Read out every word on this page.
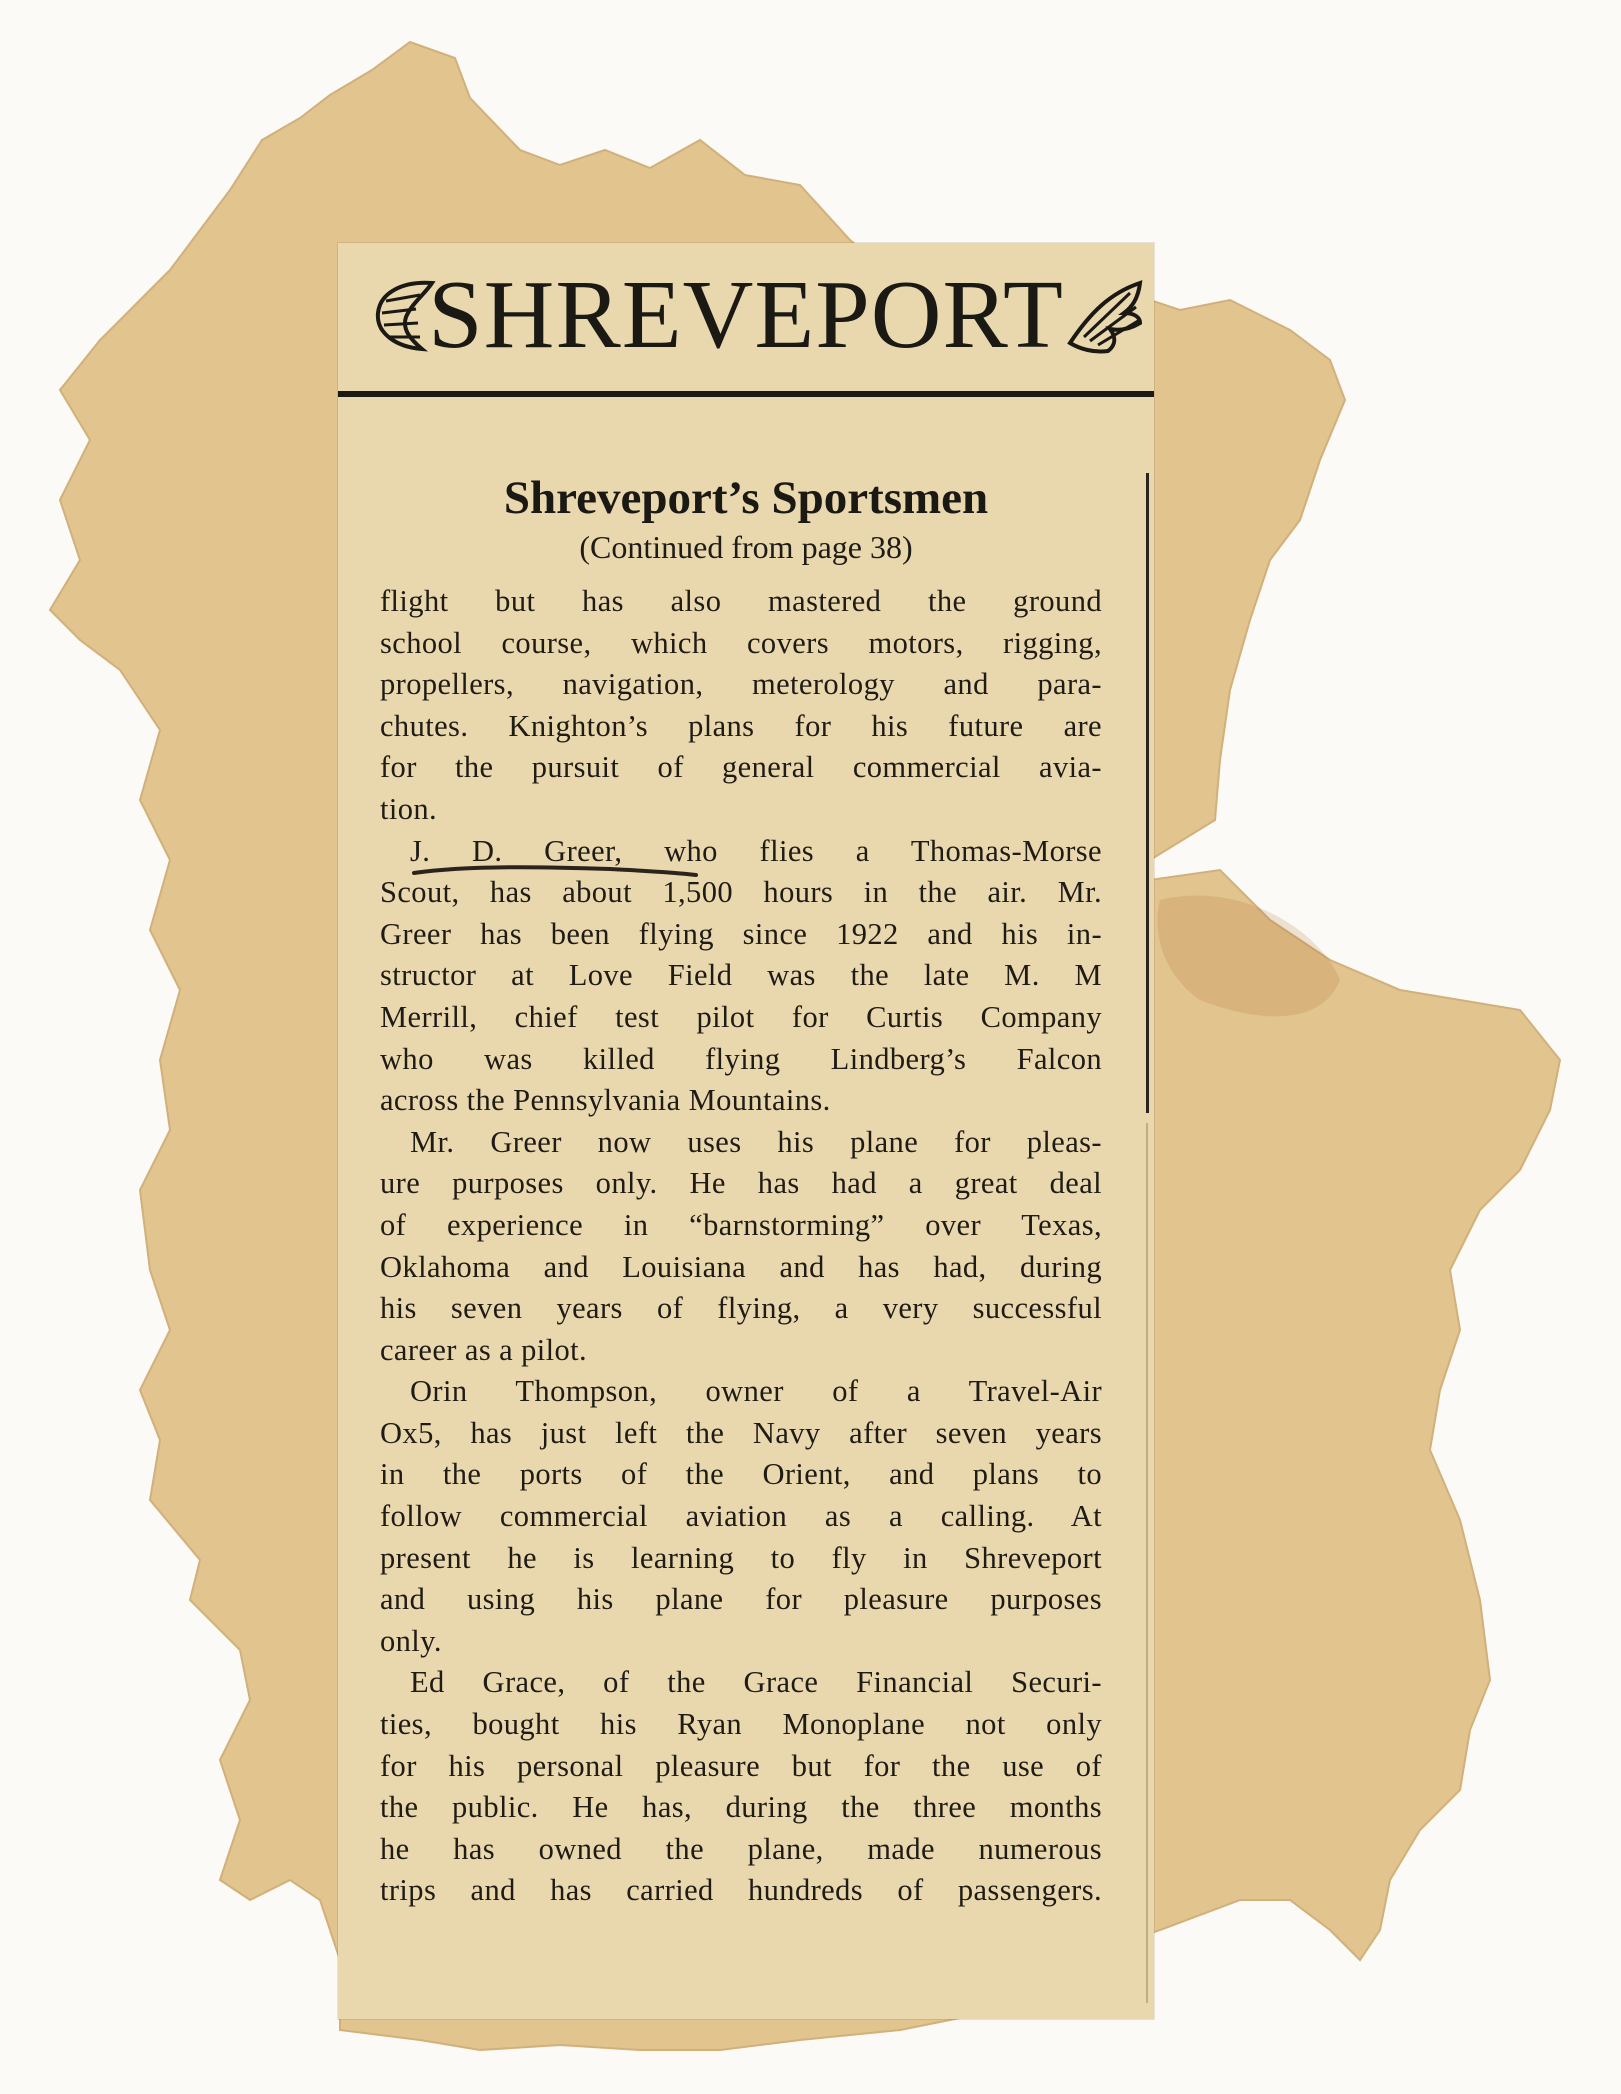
SHREVEPORT
Shreveport’s Sportsmen
(Continued from page 38)
flight but has also mastered the ground
school course, which covers motors, rigging,
propellers, navigation, meterology and para-
chutes. Knighton’s plans for his future are
for the pursuit of general commercial avia-
tion.
J. D. Greer, who flies a Thomas-Morse
Scout, has about 1,500 hours in the air. Mr.
Greer has been flying since 1922 and his in-
structor at Love Field was the late M. M
Merrill, chief test pilot for Curtis Company
who was killed flying Lindberg’s Falcon
across the Pennsylvania Mountains.
Mr. Greer now uses his plane for pleas-
ure purposes only. He has had a great deal
of experience in “barnstorming” over Texas,
Oklahoma and Louisiana and has had, during
his seven years of flying, a very successful
career as a pilot.
Orin Thompson, owner of a Travel-Air
Ox5, has just left the Navy after seven years
in the ports of the Orient, and plans to
follow commercial aviation as a calling. At
present he is learning to fly in Shreveport
and using his plane for pleasure purposes
only.
Ed Grace, of the Grace Financial Securi-
ties, bought his Ryan Monoplane not only
for his personal pleasure but for the use of
the public. He has, during the three months
he has owned the plane, made numerous
trips and has carried hundreds of passengers.
